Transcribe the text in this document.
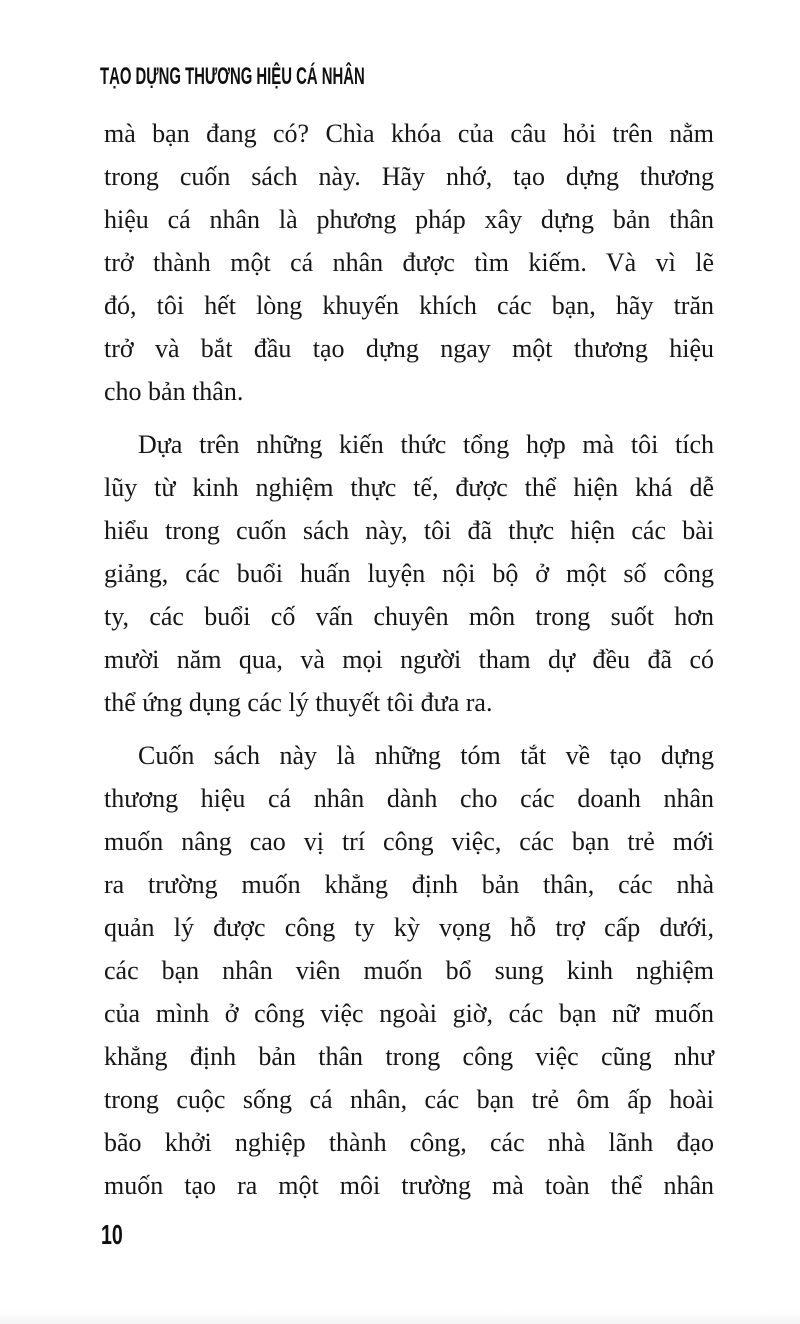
TẠO DỰNG THƯƠNG HIỆU CÁ NHÂN
mà bạn đang có? Chìa khóa của câu hỏi trên nằm
trong cuốn sách này. Hãy nhớ, tạo dựng thương
hiệu cá nhân là phương pháp xây dựng bản thân
trở thành một cá nhân được tìm kiếm. Và vì lẽ
đó, tôi hết lòng khuyến khích các bạn, hãy trăn
trở và bắt đầu tạo dựng ngay một thương hiệu
cho bản thân.
Dựa trên những kiến thức tổng hợp mà tôi tích
lũy từ kinh nghiệm thực tế, được thể hiện khá dễ
hiểu trong cuốn sách này, tôi đã thực hiện các bài
giảng, các buổi huấn luyện nội bộ ở một số công
ty, các buổi cố vấn chuyên môn trong suốt hơn
mười năm qua, và mọi người tham dự đều đã có
thể ứng dụng các lý thuyết tôi đưa ra.
Cuốn sách này là những tóm tắt về tạo dựng
thương hiệu cá nhân dành cho các doanh nhân
muốn nâng cao vị trí công việc, các bạn trẻ mới
ra trường muốn khẳng định bản thân, các nhà
quản lý được công ty kỳ vọng hỗ trợ cấp dưới,
các bạn nhân viên muốn bổ sung kinh nghiệm
của mình ở công việc ngoài giờ, các bạn nữ muốn
khẳng định bản thân trong công việc cũng như
trong cuộc sống cá nhân, các bạn trẻ ôm ấp hoài
bão khởi nghiệp thành công, các nhà lãnh đạo
muốn tạo ra một môi trường mà toàn thể nhân
10
